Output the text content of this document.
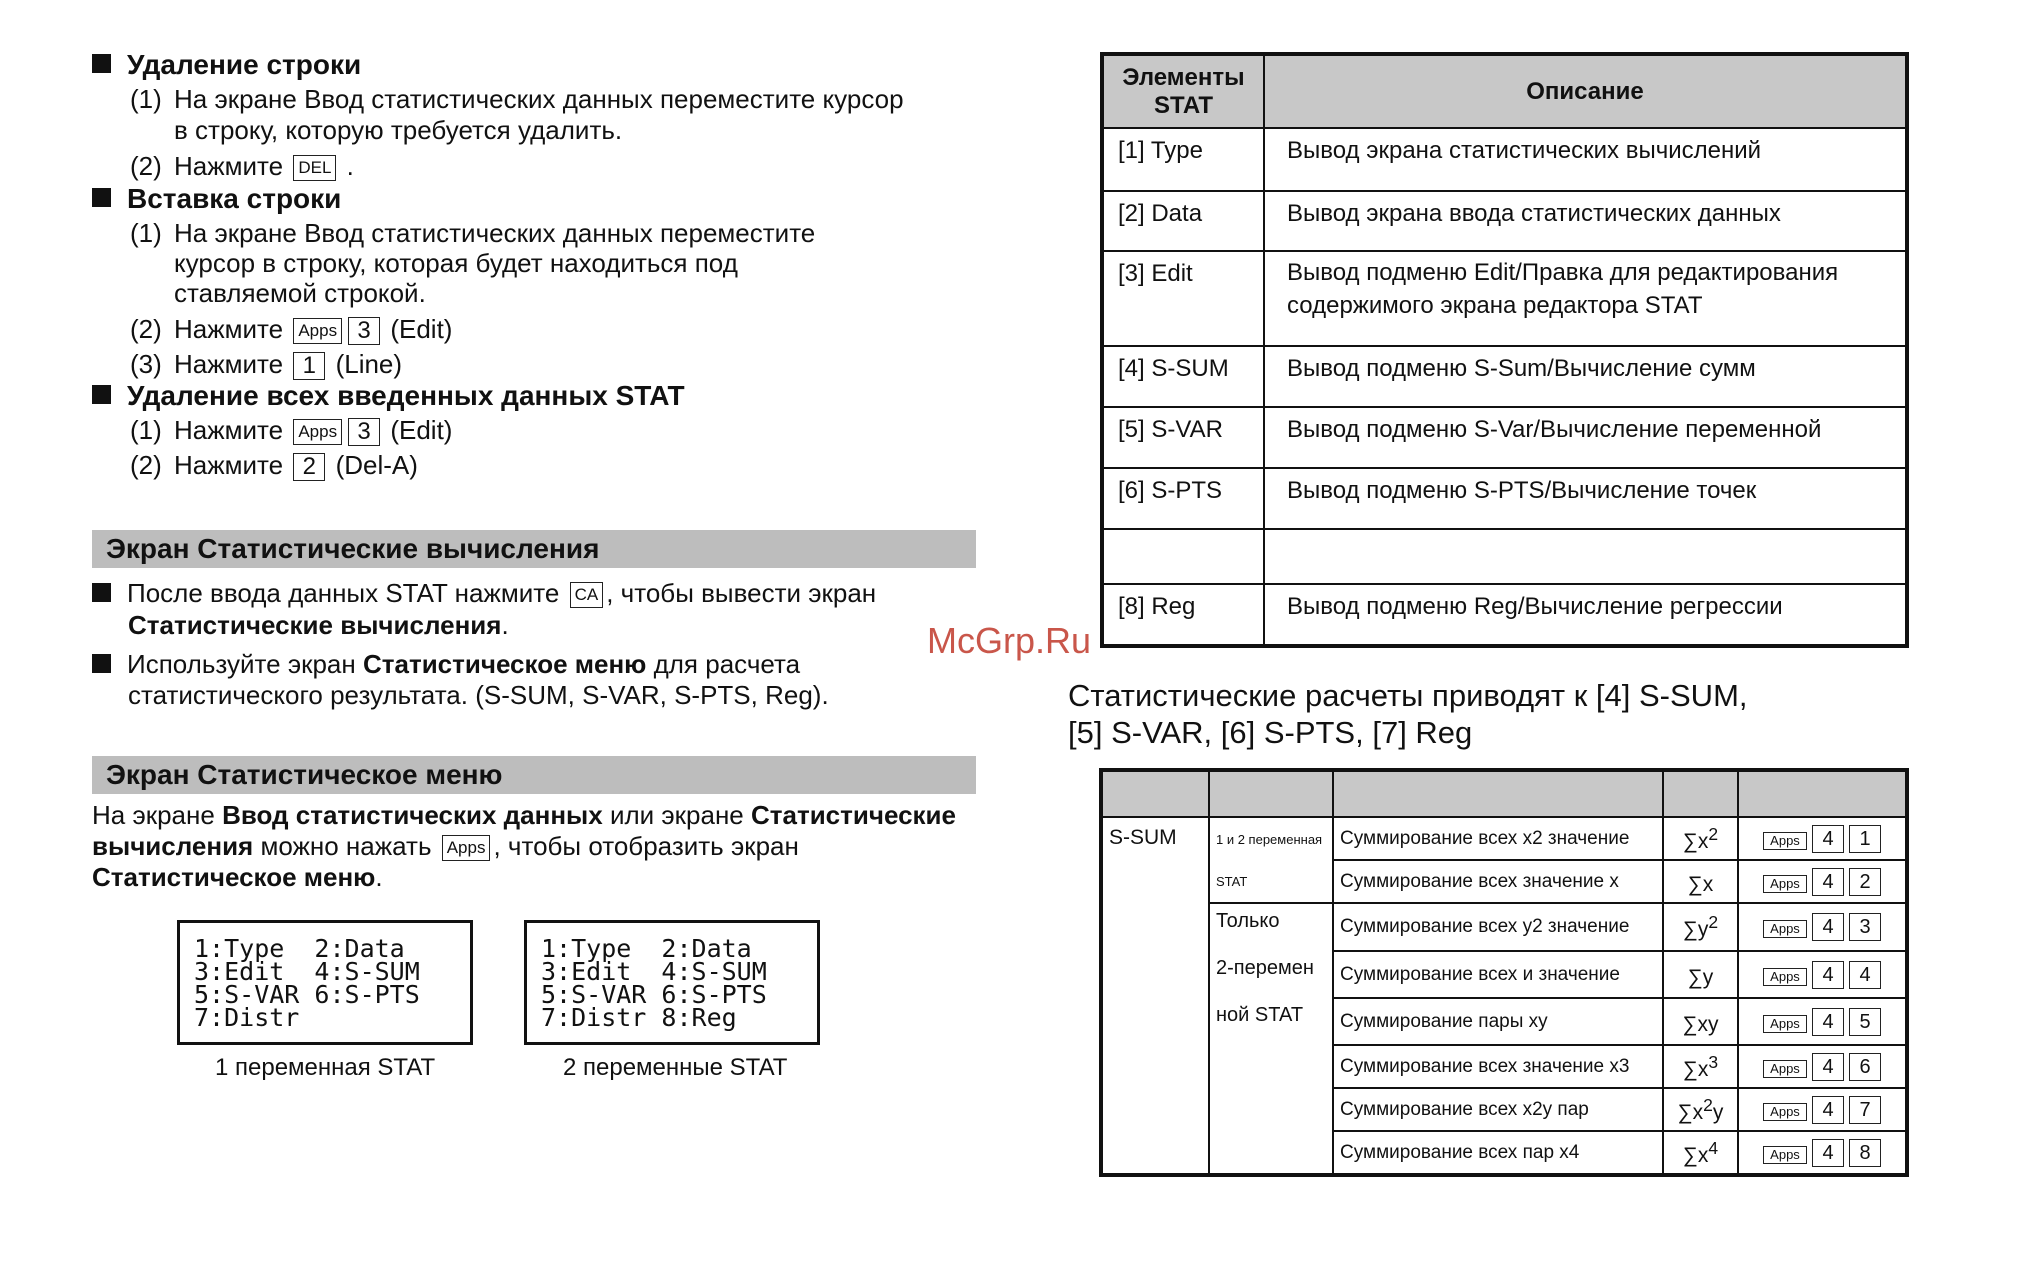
Удаление строки
(1) На экране Ввод статистических данных переместите курсор
в строку, которую требуется удалить.
(2) Нажмите DEL .
Вставка строки
(1) На экране Ввод статистических данных переместите
курсор в строку, которая будет находиться под
ставляемой строкой.
(2) Нажмите Apps 3 (Edit)
(3) Нажмите 1 (Line)
Удаление всех введенных данных STAT
(1) Нажмите Apps 3 (Edit)
(2) Нажмите 2 (Del-A)
Экран Статистические вычисления
После ввода данных STAT нажмите CA , чтобы вывести экран
Статистические вычисления.
Используйте экран Статистическое меню для расчета
статистического результата. (S-SUM, S-VAR, S-PTS, Reg).
Экран Статистическое меню
На экране Ввод статистических данных или экране Статистические
вычисления можно нажать Apps , чтобы отобразить экран
Статистическое меню.
1:Type  2:Data
3:Edit  4:S-SUM
5:S-VAR 6:S-PTS
7:Distr
1:Type  2:Data
3:Edit  4:S-SUM
5:S-VAR 6:S-PTS
7:Distr 8:Reg
1 переменная STAT	2 переменные STAT
Элементы STAT	Описание
[1] Type	Вывод экрана статистических вычислений
[2] Data	Вывод экрана ввода статистических данных
[3] Edit	Вывод подменю Edit/Правка для редактирования содержимого экрана редактора STAT
[4] S-SUM	Вывод подменю S-Sum/Вычисление сумм
[5] S-VAR	Вывод подменю S-Var/Вычисление переменной
[6] S-PTS	Вывод подменю S-PTS/Вычисление точек

[8] Reg	Вывод подменю Reg/Вычисление регрессии
McGrp.Ru
Статистические расчеты приводят к [4] S-SUM,
[5] S-VAR, [6] S-PTS, [7] Reg

S-SUM	1 и 2 переменная	Суммирование всех x2 значение	$\sum x^2$	Apps 4 1
	STAT	Суммирование всех значение x	∑x	Apps 4 2
	Только	Суммирование всех y2 значение	$\sum y^2$	Apps 4 3
	2-перемен	Суммирование всех и значение	∑y	Apps 4 4
	ной STAT	Суммирование пары xy	∑xy	Apps 4 5
		Суммирование всех значение x3	$\sum x^3$	Apps 4 6
		Суммирование всех x2y пар	$\sum x^2y$	Apps 4 7
		Суммирование всех пар x4	$\sum x^4$	Apps 4 8
